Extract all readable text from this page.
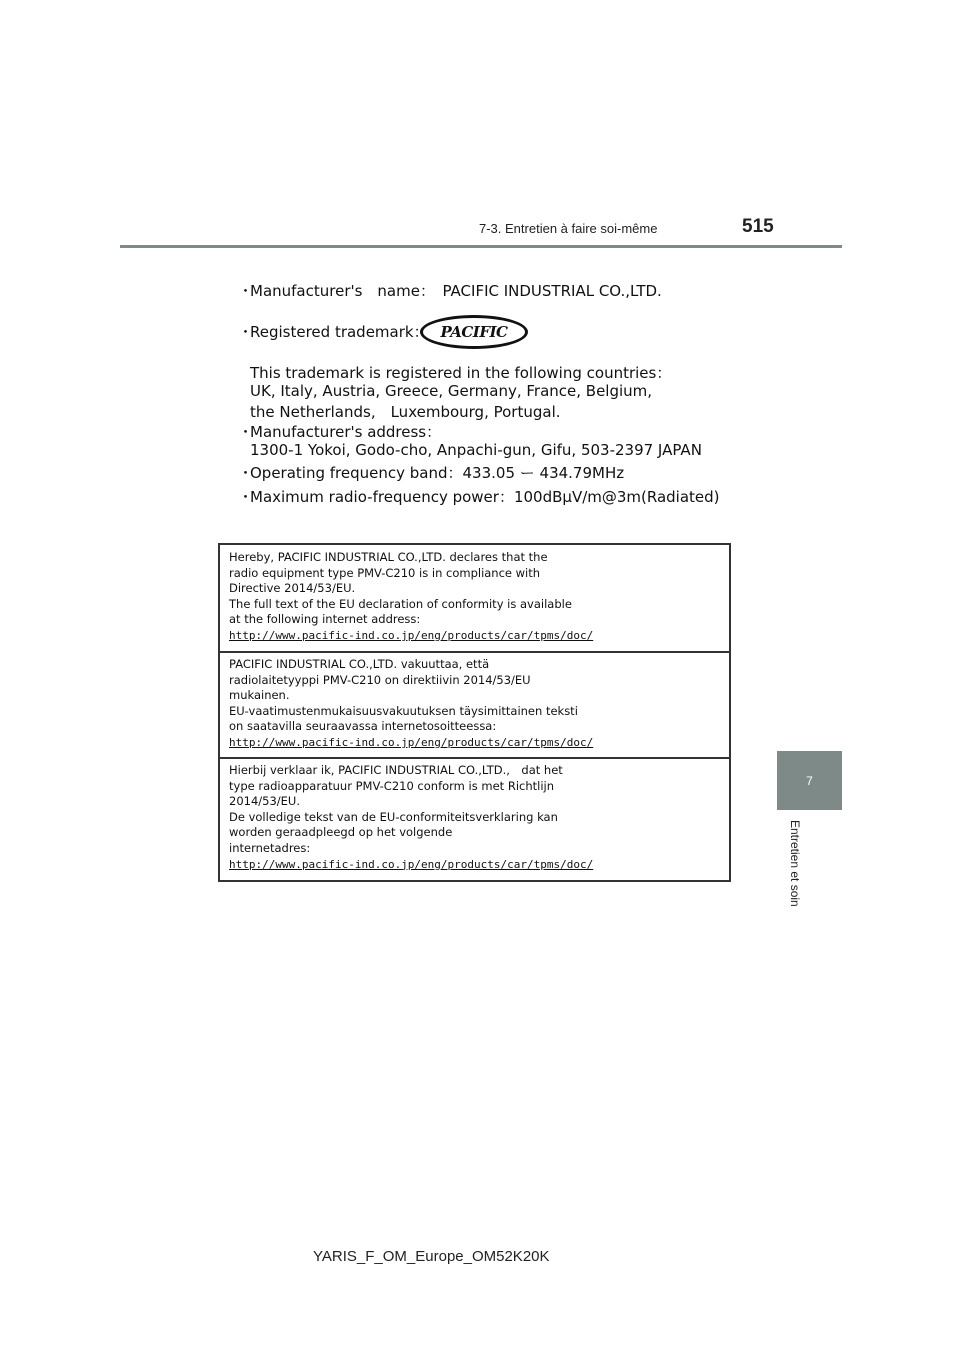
7-3. Entretien à faire soi-même	515
7
Entretien et soin
・Manufacturer's　name：　PACIFIC INDUSTRIAL CO.,LTD.
・Registered trademark： PACIFIC
This trademark is registered in the following countries：
UK, Italy, Austria, Greece, Germany, France, Belgium,
the Netherlands,　Luxembourg, Portugal.
・Manufacturer's address：
1300-1 Yokoi, Godo-cho, Anpachi-gun, Gifu, 503-2397 JAPAN
・Operating frequency band：433.05 ー 434.79MHz
・Maximum radio-frequency power：100dBμV/m@3m(Radiated)
Hereby, PACIFIC INDUSTRIAL CO.,LTD. declares that the
radio equipment type PMV-C210 is in compliance with
Directive 2014/53/EU.
The full text of the EU declaration of conformity is available
at the following internet address:
http://www.pacific-ind.co.jp/eng/products/car/tpms/doc/
PACIFIC INDUSTRIAL CO.,LTD. vakuuttaa, että
radiolaitetyyppi PMV-C210 on direktiivin 2014/53/EU
mukainen.
EU-vaatimustenmukaisuusvakuutuksen täysimittainen teksti
on saatavilla seuraavassa internetosoitteessa:
http://www.pacific-ind.co.jp/eng/products/car/tpms/doc/
Hierbij verklaar ik, PACIFIC INDUSTRIAL CO.,LTD.,　dat het
type radioapparatuur PMV-C210 conform is met Richtlijn
2014/53/EU.
De volledige tekst van de EU-conformiteitsverklaring kan
worden geraadpleegd op het volgende
internetadres:
http://www.pacific-ind.co.jp/eng/products/car/tpms/doc/
YARIS_F_OM_Europe_OM52K20K
